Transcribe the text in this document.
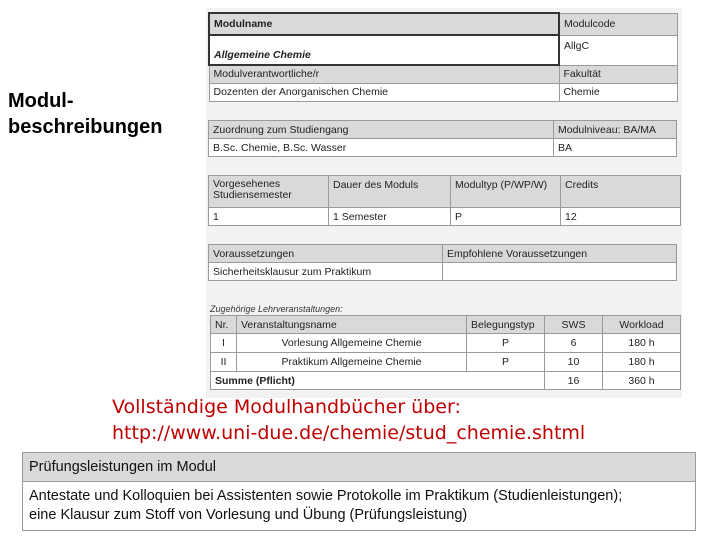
Modul-
beschreibungen
Modulname	Modulcode
Allgemeine Chemie	AllgC
Modulverantwortliche/r	Fakultät
Dozenten der Anorganischen Chemie	Chemie
Zuordnung zum Studiengang	Modulniveau: BA/MA
B.Sc. Chemie, B.Sc. Wasser	BA
Vorgesehenes Studiensemester	Dauer des Moduls	Modultyp (P/WP/W)	Credits
1	1 Semester	P	12
Voraussetzungen	Empfohlene Voraussetzungen
Sicherheitsklausur zum Praktikum	
Zugehörige Lehrveranstaltungen:
Nr.	Veranstaltungsname	Belegungstyp	SWS	Workload
I	Vorlesung Allgemeine Chemie	P	6	180 h
II	Praktikum Allgemeine Chemie	P	10	180 h
Summe (Pflicht)			16	360 h
Vollständige Modulhandbücher über:
http://www.uni-due.de/chemie/stud_chemie.shtml
Prüfungsleistungen im Modul

Antestate und Kolloquien bei Assistenten sowie Protokolle im Praktikum (Studienleistungen);
eine Klausur zum Stoff von Vorlesung und Übung (Prüfungsleistung)
